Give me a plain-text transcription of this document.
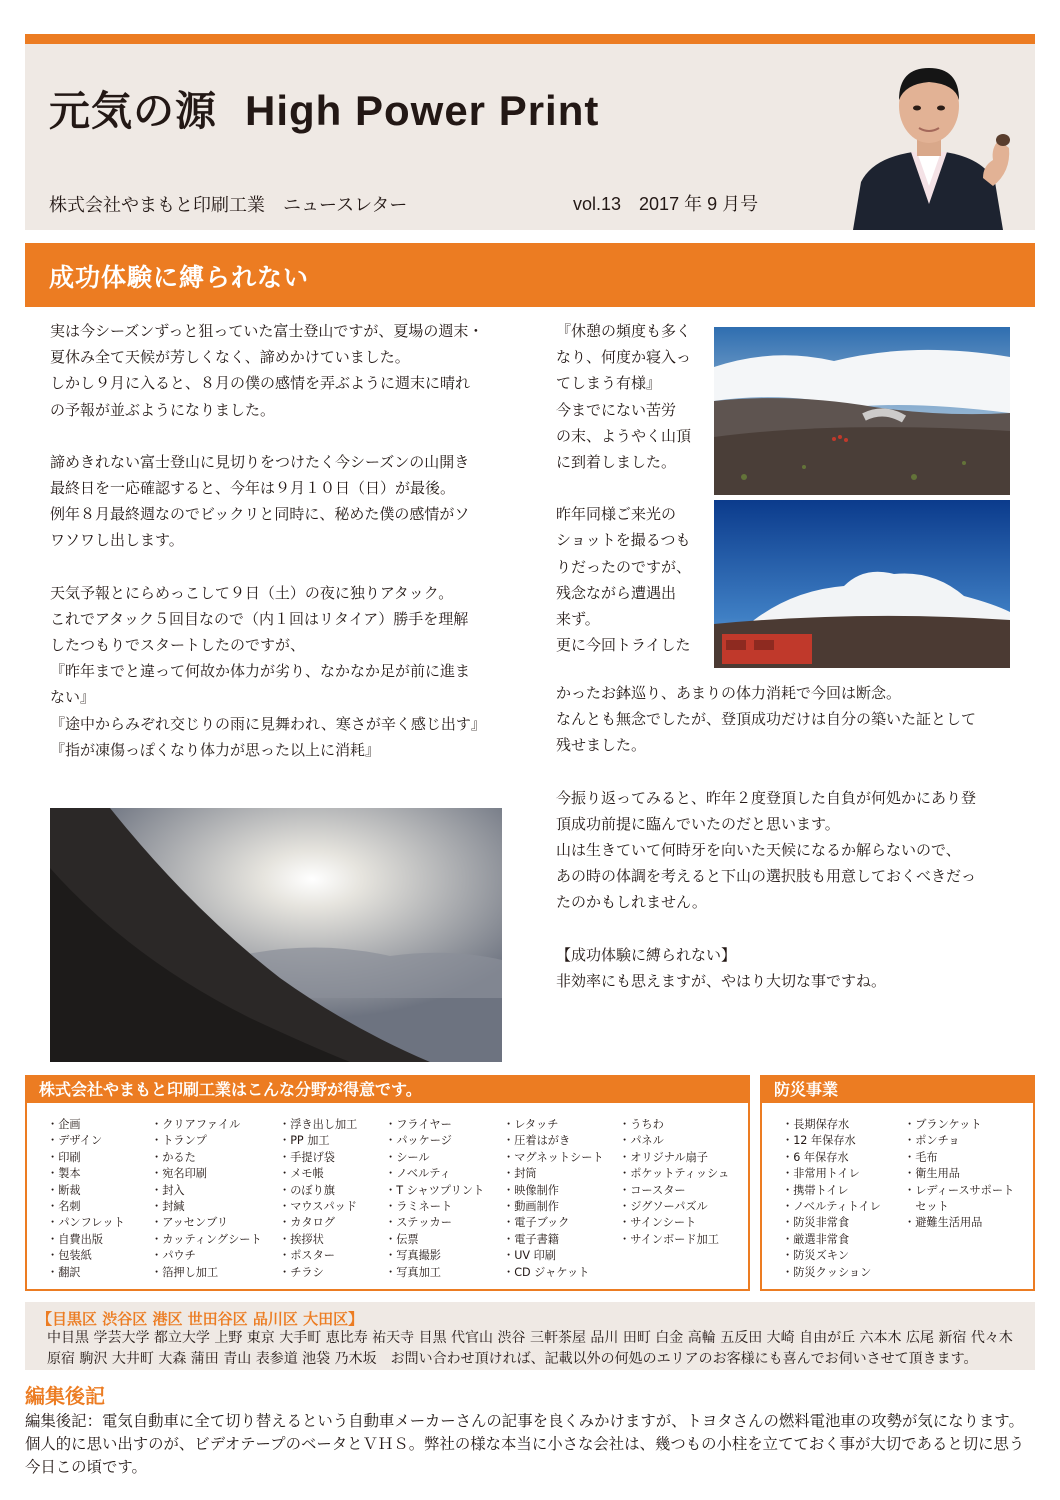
元気の源 High Power Print
株式会社やまもと印刷工業　ニュースレター	vol.13　2017 年 9 月号
成功体験に縛られない

実は今シーズンずっと狙っていた富士登山ですが、夏場の週末・
夏休み全て天候が芳しくなく、諦めかけていました。
しかし９月に入ると、８月の僕の感情を弄ぶように週末に晴れ
の予報が並ぶようになりました。

諦めきれない富士登山に見切りをつけたく今シーズンの山開き
最終日を一応確認すると、今年は９月１０日（日）が最後。
例年８月最終週なのでビックリと同時に、秘めた僕の感情がソ
ワソワし出します。

天気予報とにらめっこして９日（土）の夜に独りアタック。
これでアタック５回目なので（内１回はリタイア）勝手を理解
したつもりでスタートしたのですが、
『昨年までと違って何故か体力が劣り、なかなか足が前に進ま
ない』
『途中からみぞれ交じりの雨に見舞われ、寒さが辛く感じ出す』
『指が凍傷っぽくなり体力が思った以上に消耗』

『休憩の頻度も多く
なり、何度か寝入っ
てしまう有様』
今までにない苦労
の末、ようやく山頂
に到着しました。

昨年同様ご来光の
ショットを撮るつも
りだったのですが、
残念ながら遭遇出
来ず。
更に今回トライした

かったお鉢巡り、あまりの体力消耗で今回は断念。
なんとも無念でしたが、登頂成功だけは自分の築いた証として
残せました。

今振り返ってみると、昨年２度登頂した自負が何処かにあり登
頂成功前提に臨んでいたのだと思います。
山は生きていて何時牙を向いた天候になるか解らないので、
あの時の体調を考えると下山の選択肢も用意しておくべきだっ
たのかもしれません。

【成功体験に縛られない】
非効率にも思えますが、やはり大切な事ですね。

株式会社やまもと印刷工業はこんな分野が得意です。
・企画
・デザイン
・印刷
・製本
・断裁
・名刺
・パンフレット
・自費出版
・包装紙
・翻訳
・クリアファイル
・トランプ
・かるた
・宛名印刷
・封入
・封緘
・アッセンブリ
・カッティングシート
・パウチ
・箔押し加工
・浮き出し加工
・PP 加工
・手提げ袋
・メモ帳
・のぼり旗
・マウスパッド
・カタログ
・挨拶状
・ポスター
・チラシ
・フライヤー
・パッケージ
・シール
・ノベルティ
・T シャツプリント
・ラミネート
・ステッカー
・伝票
・写真撮影
・写真加工
・レタッチ
・圧着はがき
・マグネットシート
・封筒
・映像制作
・動画制作
・電子ブック
・電子書籍
・UV 印刷
・CD ジャケット
・うちわ
・パネル
・オリジナル扇子
・ポケットティッシュ
・コースター
・ジグソーパズル
・サインシート
・サインボード加工
防災事業
・長期保存水
・12 年保存水
・6 年保存水
・非常用トイレ
・携帯トイレ
・ノベルティトイレ
・防災非常食
・厳選非常食
・防災ズキン
・防災クッション
・ブランケット
・ポンチョ
・毛布
・衛生用品
・レディースサポート
　セット
・避難生活用品
【目黒区 渋谷区 港区 世田谷区 品川区 大田区】
中目黒 学芸大学 都立大学 上野 東京 大手町 恵比寿 祐天寺 目黒 代官山 渋谷 三軒茶屋 品川 田町 白金 高輪 五反田 大崎 自由が丘 六本木 広尾 新宿 代々木 原宿 駒沢 大井町 大森 蒲田 青山 表参道 池袋 乃木坂　お問い合わせ頂ければ、記載以外の何処のエリアのお客様にも喜んでお伺いさせて頂きます。
編集後記
編集後記：電気自動車に全て切り替えるという自動車メーカーさんの記事を良くみかけますが、トヨタさんの燃料電池車の攻勢が気になります。個人的に思い出すのが、ビデオテープのベータとＶＨＳ。弊社の様な本当に小さな会社は、幾つもの小柱を立てておく事が大切であると切に思う今日この頃です。
